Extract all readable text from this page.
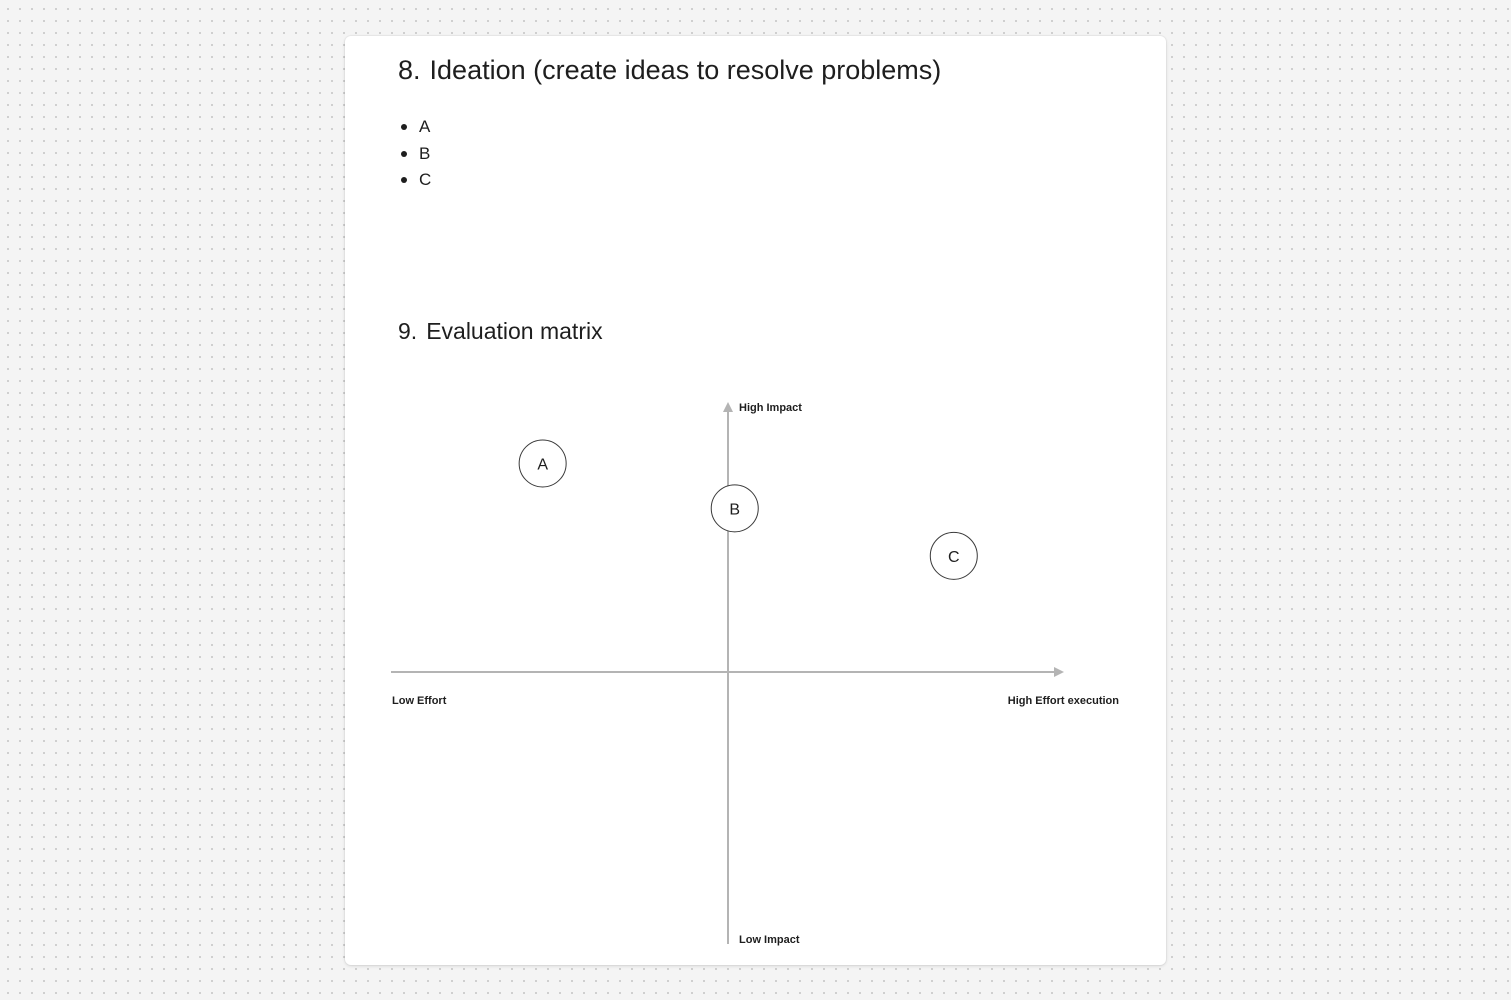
8. Ideation (create ideas to resolve problems)
A
B
C
9. Evaluation matrix
High Impact
Low Impact
Low Effort	High Effort execution
A
B
C
